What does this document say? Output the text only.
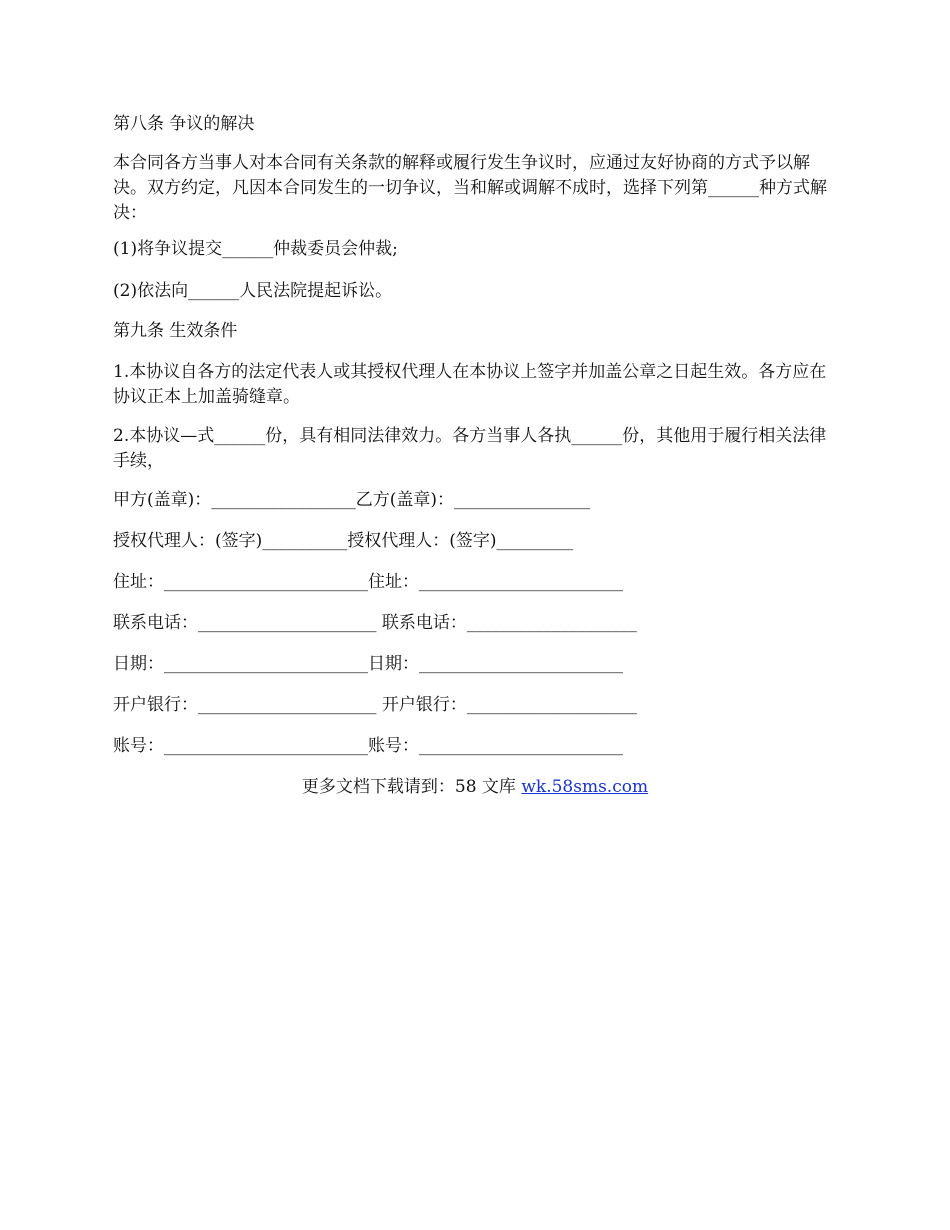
第八条 争议的解决
本合同各方当事人对本合同有关条款的解释或履行发生争议时，应通过友好协商的方式予以解决。双方约定，凡因本合同发生的一切争议，当和解或调解不成时，选择下列第______种方式解决：
(1)将争议提交______仲裁委员会仲裁;
(2)依法向______人民法院提起诉讼。
第九条 生效条件
1.本协议自各方的法定代表人或其授权代理人在本协议上签字并加盖公章之日起生效。各方应在协议正本上加盖骑缝章。
2.本协议—式______份，具有相同法律效力。各方当事人各执______份，其他用于履行相关法律手续，
甲方(盖章)：_________________乙方(盖章)：________________
授权代理人：(签字)__________授权代理人：(签字)_________
住址：________________________住址：________________________
联系电话：_____________________ 联系电话：____________________
日期：________________________日期：________________________
开户银行：_____________________ 开户银行：____________________
账号：________________________账号：________________________
更多文档下载请到：58 文库 wk.58sms.com
